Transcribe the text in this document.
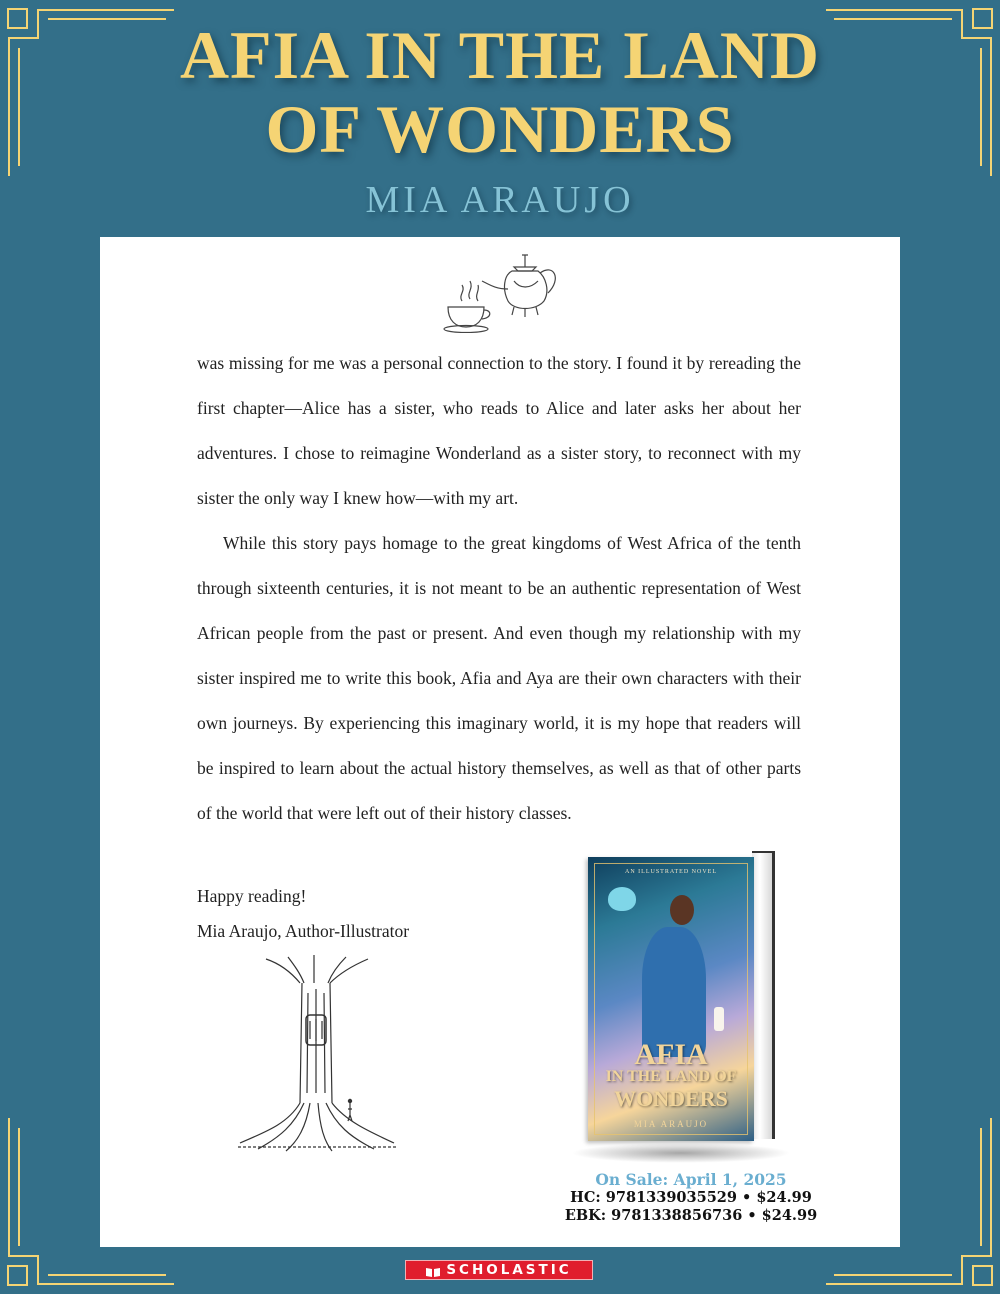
AFIA IN THE LAND
OF WONDERS
MIA ARAUJO

was missing for me was a personal connection to the story. I found it by rereading the first chapter—Alice has a sister, who reads to Alice and later asks her about her adventures. I chose to reimagine Wonderland as a sister story, to reconnect with my sister the only way I knew how—with my art.

While this story pays homage to the great kingdoms of West Africa of the tenth through sixteenth centuries, it is not meant to be an authentic representation of West African people from the past or present. And even though my relationship with my sister inspired me to write this book, Afia and Aya are their own characters with their own journeys. By experiencing this imaginary world, it is my hope that readers will be inspired to learn about the actual history themselves, as well as that of other parts of the world that were left out of their history classes.

Happy reading!
Mia Araujo, Author-Illustrator
AN ILLUSTRATED NOVEL
AFIA
IN THE LAND OF
WONDERS
MIA ARAUJO
On Sale: April 1, 2025
HC: 9781339035529 • $24.99
EBK: 9781338856736 • $24.99
SCHOLASTIC
